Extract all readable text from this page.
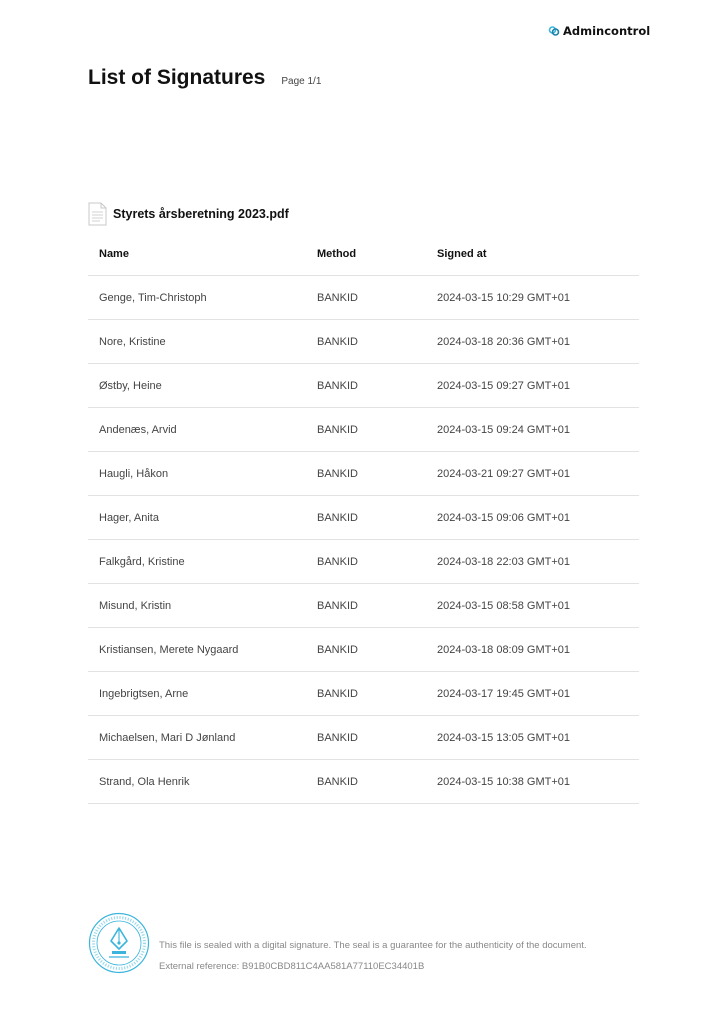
Admincontrol
List of Signatures Page 1/1
Styrets årsberetning 2023.pdf
Name	Method	Signed at
Genge, Tim-Christoph	BANKID	2024-03-15 10:29 GMT+01
Nore, Kristine	BANKID	2024-03-18 20:36 GMT+01
Østby, Heine	BANKID	2024-03-15 09:27 GMT+01
Andenæs, Arvid	BANKID	2024-03-15 09:24 GMT+01
Haugli, Håkon	BANKID	2024-03-21 09:27 GMT+01
Hager, Anita	BANKID	2024-03-15 09:06 GMT+01
Falkgård, Kristine	BANKID	2024-03-18 22:03 GMT+01
Misund, Kristin	BANKID	2024-03-15 08:58 GMT+01
Kristiansen, Merete Nygaard	BANKID	2024-03-18 08:09 GMT+01
Ingebrigtsen, Arne	BANKID	2024-03-17 19:45 GMT+01
Michaelsen, Mari D Jønland	BANKID	2024-03-15 13:05 GMT+01
Strand, Ola Henrik	BANKID	2024-03-15 10:38 GMT+01
This file is sealed with a digital signature. The seal is a guarantee for the authenticity of the document.
External reference: B91B0CBD811C4AA581A77110EC34401B
